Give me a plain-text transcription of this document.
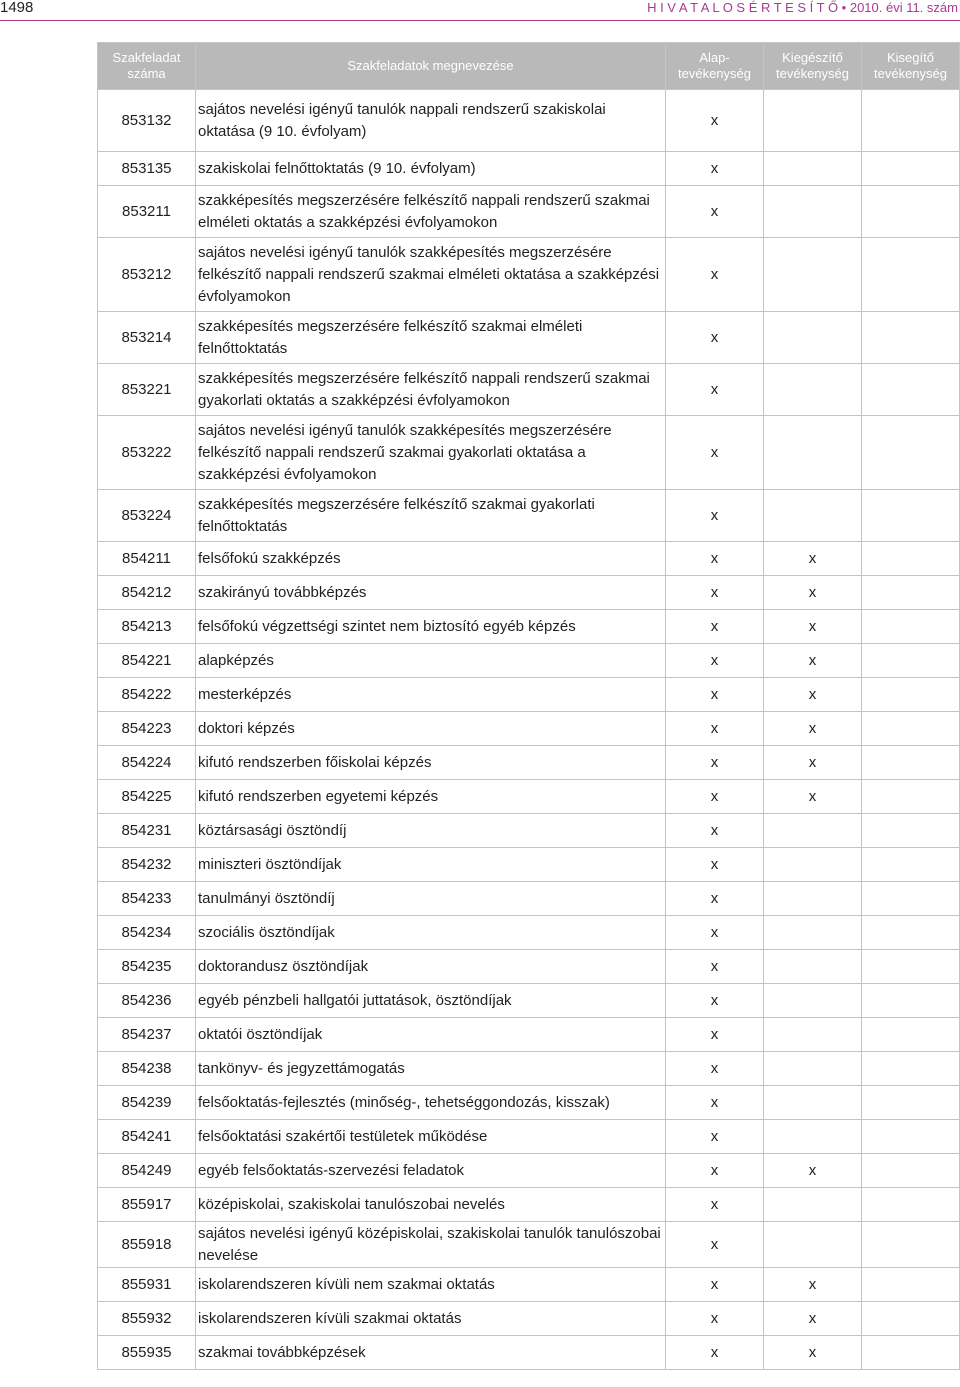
1498	H I V A T A L O S É R T E S Í T Ő • 2010. évi 11. szám
Szakfeladat száma	Szakfeladatok megnevezése	Alap-tevékenység	Kiegészítő tevékenység	Kisegítő tevékenység
853132	sajátos nevelési igényű tanulók nappali rendszerű szakiskolai oktatása (9 10. évfolyam)	x		
853135	szakiskolai felnőttoktatás (9 10. évfolyam)	x		
853211	szakképesítés megszerzésére felkészítő nappali rendszerű szakmai elméleti oktatás a szakképzési évfolyamokon	x		
853212	sajátos nevelési igényű tanulók szakképesítés megszerzésére felkészítő nappali rendszerű szakmai elméleti oktatása a szakképzési évfolyamokon	x		
853214	szakképesítés megszerzésére felkészítő szakmai elméleti felnőttoktatás	x		
853221	szakképesítés megszerzésére felkészítő nappali rendszerű szakmai gyakorlati oktatás a szakképzési évfolyamokon	x		
853222	sajátos nevelési igényű tanulók szakképesítés megszerzésére felkészítő nappali rendszerű szakmai gyakorlati oktatása a szakképzési évfolyamokon	x		
853224	szakképesítés megszerzésére felkészítő szakmai gyakorlati felnőttoktatás	x		
854211	felsőfokú szakképzés	x	x	
854212	szakirányú továbbképzés	x	x	
854213	felsőfokú végzettségi szintet nem biztosító egyéb képzés	x	x	
854221	alapképzés	x	x	
854222	mesterképzés	x	x	
854223	doktori képzés	x	x	
854224	kifutó rendszerben főiskolai képzés	x	x	
854225	kifutó rendszerben egyetemi képzés	x	x	
854231	köztársasági ösztöndíj	x		
854232	miniszteri ösztöndíjak	x		
854233	tanulmányi ösztöndíj	x		
854234	szociális ösztöndíjak	x		
854235	doktorandusz ösztöndíjak	x		
854236	egyéb pénzbeli hallgatói juttatások, ösztöndíjak	x		
854237	oktatói ösztöndíjak	x		
854238	tankönyv- és jegyzettámogatás	x		
854239	felsőoktatás-fejlesztés (minőség-, tehetséggondozás, kisszak)	x		
854241	felsőoktatási szakértői testületek működése	x		
854249	egyéb felsőoktatás-szervezési feladatok	x	x	
855917	középiskolai, szakiskolai tanulószobai nevelés	x		
855918	sajátos nevelési igényű középiskolai, szakiskolai tanulók tanulószobai nevelése	x		
855931	iskolarendszeren kívüli nem szakmai oktatás	x	x	
855932	iskolarendszeren kívüli szakmai oktatás	x	x	
855935	szakmai továbbképzések	x	x	
